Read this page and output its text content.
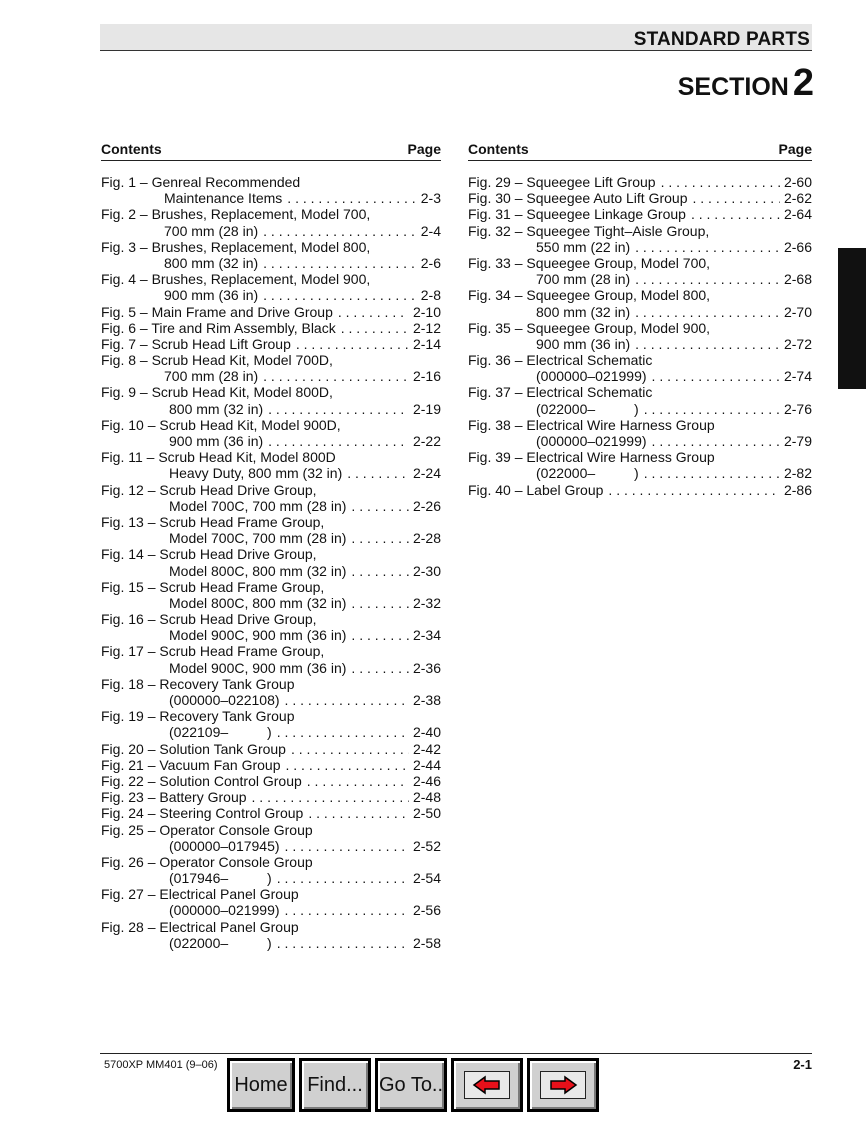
STANDARD PARTS
SECTION 2
Contents	Page
Fig. 1 – Genreal Recommended
Maintenance Items . . .	2-3
Fig. 2 – Brushes, Replacement, Model 700,
700 mm (28 in) . . .	2-4
Fig. 3 – Brushes, Replacement, Model 800,
800 mm (32 in) . . .	2-6
Fig. 4 – Brushes, Replacement, Model 900,
900 mm (36 in) . . .	2-8
Fig. 5 – Main Frame and Drive Group . . .	2-10
Fig. 6 – Tire and Rim Assembly, Black . . .	2-12
Fig. 7 – Scrub Head Lift Group . . .	2-14
Fig. 8 – Scrub Head Kit, Model 700D,
700 mm (28 in) . . .	2-16
Fig. 9 – Scrub Head Kit, Model 800D,
800 mm (32 in) . . .	2-19
Fig. 10 – Scrub Head Kit, Model 900D,
900 mm (36 in) . . .	2-22
Fig. 11 – Scrub Head Kit, Model 800D
Heavy Duty, 800 mm (32 in) . . .	2-24
Fig. 12 – Scrub Head Drive Group,
Model 700C, 700 mm (28 in) . . .	2-26
Fig. 13 – Scrub Head Frame Group,
Model 700C, 700 mm (28 in) . . .	2-28
Fig. 14 – Scrub Head Drive Group,
Model 800C, 800 mm (32 in) . . .	2-30
Fig. 15 – Scrub Head Frame Group,
Model 800C, 800 mm (32 in) . . .	2-32
Fig. 16 – Scrub Head Drive Group,
Model 900C, 900 mm (36 in) . . .	2-34
Fig. 17 – Scrub Head Frame Group,
Model 900C, 900 mm (36 in) . . .	2-36
Fig. 18 – Recovery Tank Group
(000000–022108) . . .	2-38
Fig. 19 – Recovery Tank Group
(022109–          ) . . .	2-40
Fig. 20 – Solution Tank Group . . .	2-42
Fig. 21 – Vacuum Fan Group . . .	2-44
Fig. 22 – Solution Control Group . . .	2-46
Fig. 23 – Battery Group . . .	2-48
Fig. 24 – Steering Control Group . . .	2-50
Fig. 25 – Operator Console Group
(000000–017945) . . .	2-52
Fig. 26 – Operator Console Group
(017946–          ) . . .	2-54
Fig. 27 – Electrical Panel Group
(000000–021999) . . .	2-56
Fig. 28 – Electrical Panel Group
(022000–          ) . . .	2-58
Contents	Page
Fig. 29 – Squeegee Lift Group . . .	2-60
Fig. 30 – Squeegee Auto Lift Group . . .	2-62
Fig. 31 – Squeegee Linkage Group . . .	2-64
Fig. 32 – Squeegee Tight–Aisle Group,
550 mm (22 in) . . .	2-66
Fig. 33 – Squeegee Group, Model 700,
700 mm (28 in) . . .	2-68
Fig. 34 – Squeegee Group, Model 800,
800 mm (32 in) . . .	2-70
Fig. 35 – Squeegee Group, Model 900,
900 mm (36 in) . . .	2-72
Fig. 36 – Electrical Schematic
(000000–021999) . . .	2-74
Fig. 37 – Electrical Schematic
(022000–          ) . . .	2-76
Fig. 38 – Electrical Wire Harness Group
(000000–021999) . . .	2-79
Fig. 39 – Electrical Wire Harness Group
(022000–          ) . . .	2-82
Fig. 40 – Label Group . . .	2-86
5700XP MM401 (9–06)	2-1
Home Find... Go To..
